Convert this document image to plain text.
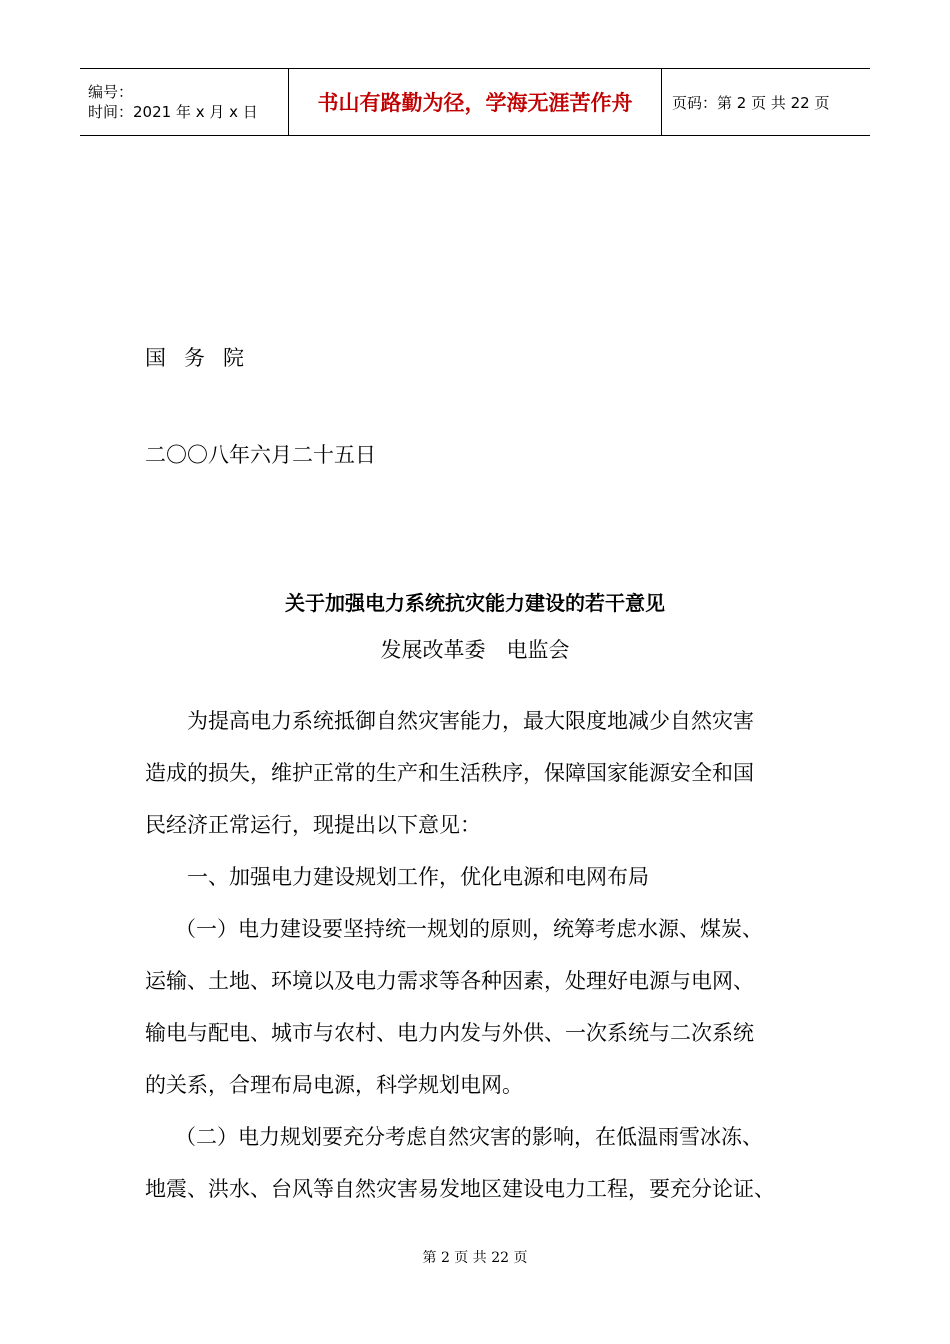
编号：
时间：2021 年 x 月 x 日	书山有路勤为径，学海无涯苦作舟	页码：第 2 页 共 22 页
国务院
二〇〇八年六月二十五日
关于加强电力系统抗灾能力建设的若干意见
发展改革委　电监会
为提高电力系统抵御自然灾害能力，最大限度地减少自然灾害
造成的损失，维护正常的生产和生活秩序，保障国家能源安全和国
民经济正常运行，现提出以下意见：
一、加强电力建设规划工作，优化电源和电网布局
（一）电力建设要坚持统一规划的原则，统筹考虑水源、煤炭、
运输、土地、环境以及电力需求等各种因素，处理好电源与电网、
输电与配电、城市与农村、电力内发与外供、一次系统与二次系统
的关系，合理布局电源，科学规划电网。
（二）电力规划要充分考虑自然灾害的影响，在低温雨雪冰冻、
地震、洪水、台风等自然灾害易发地区建设电力工程，要充分论证、
第 2 页 共 22 页
